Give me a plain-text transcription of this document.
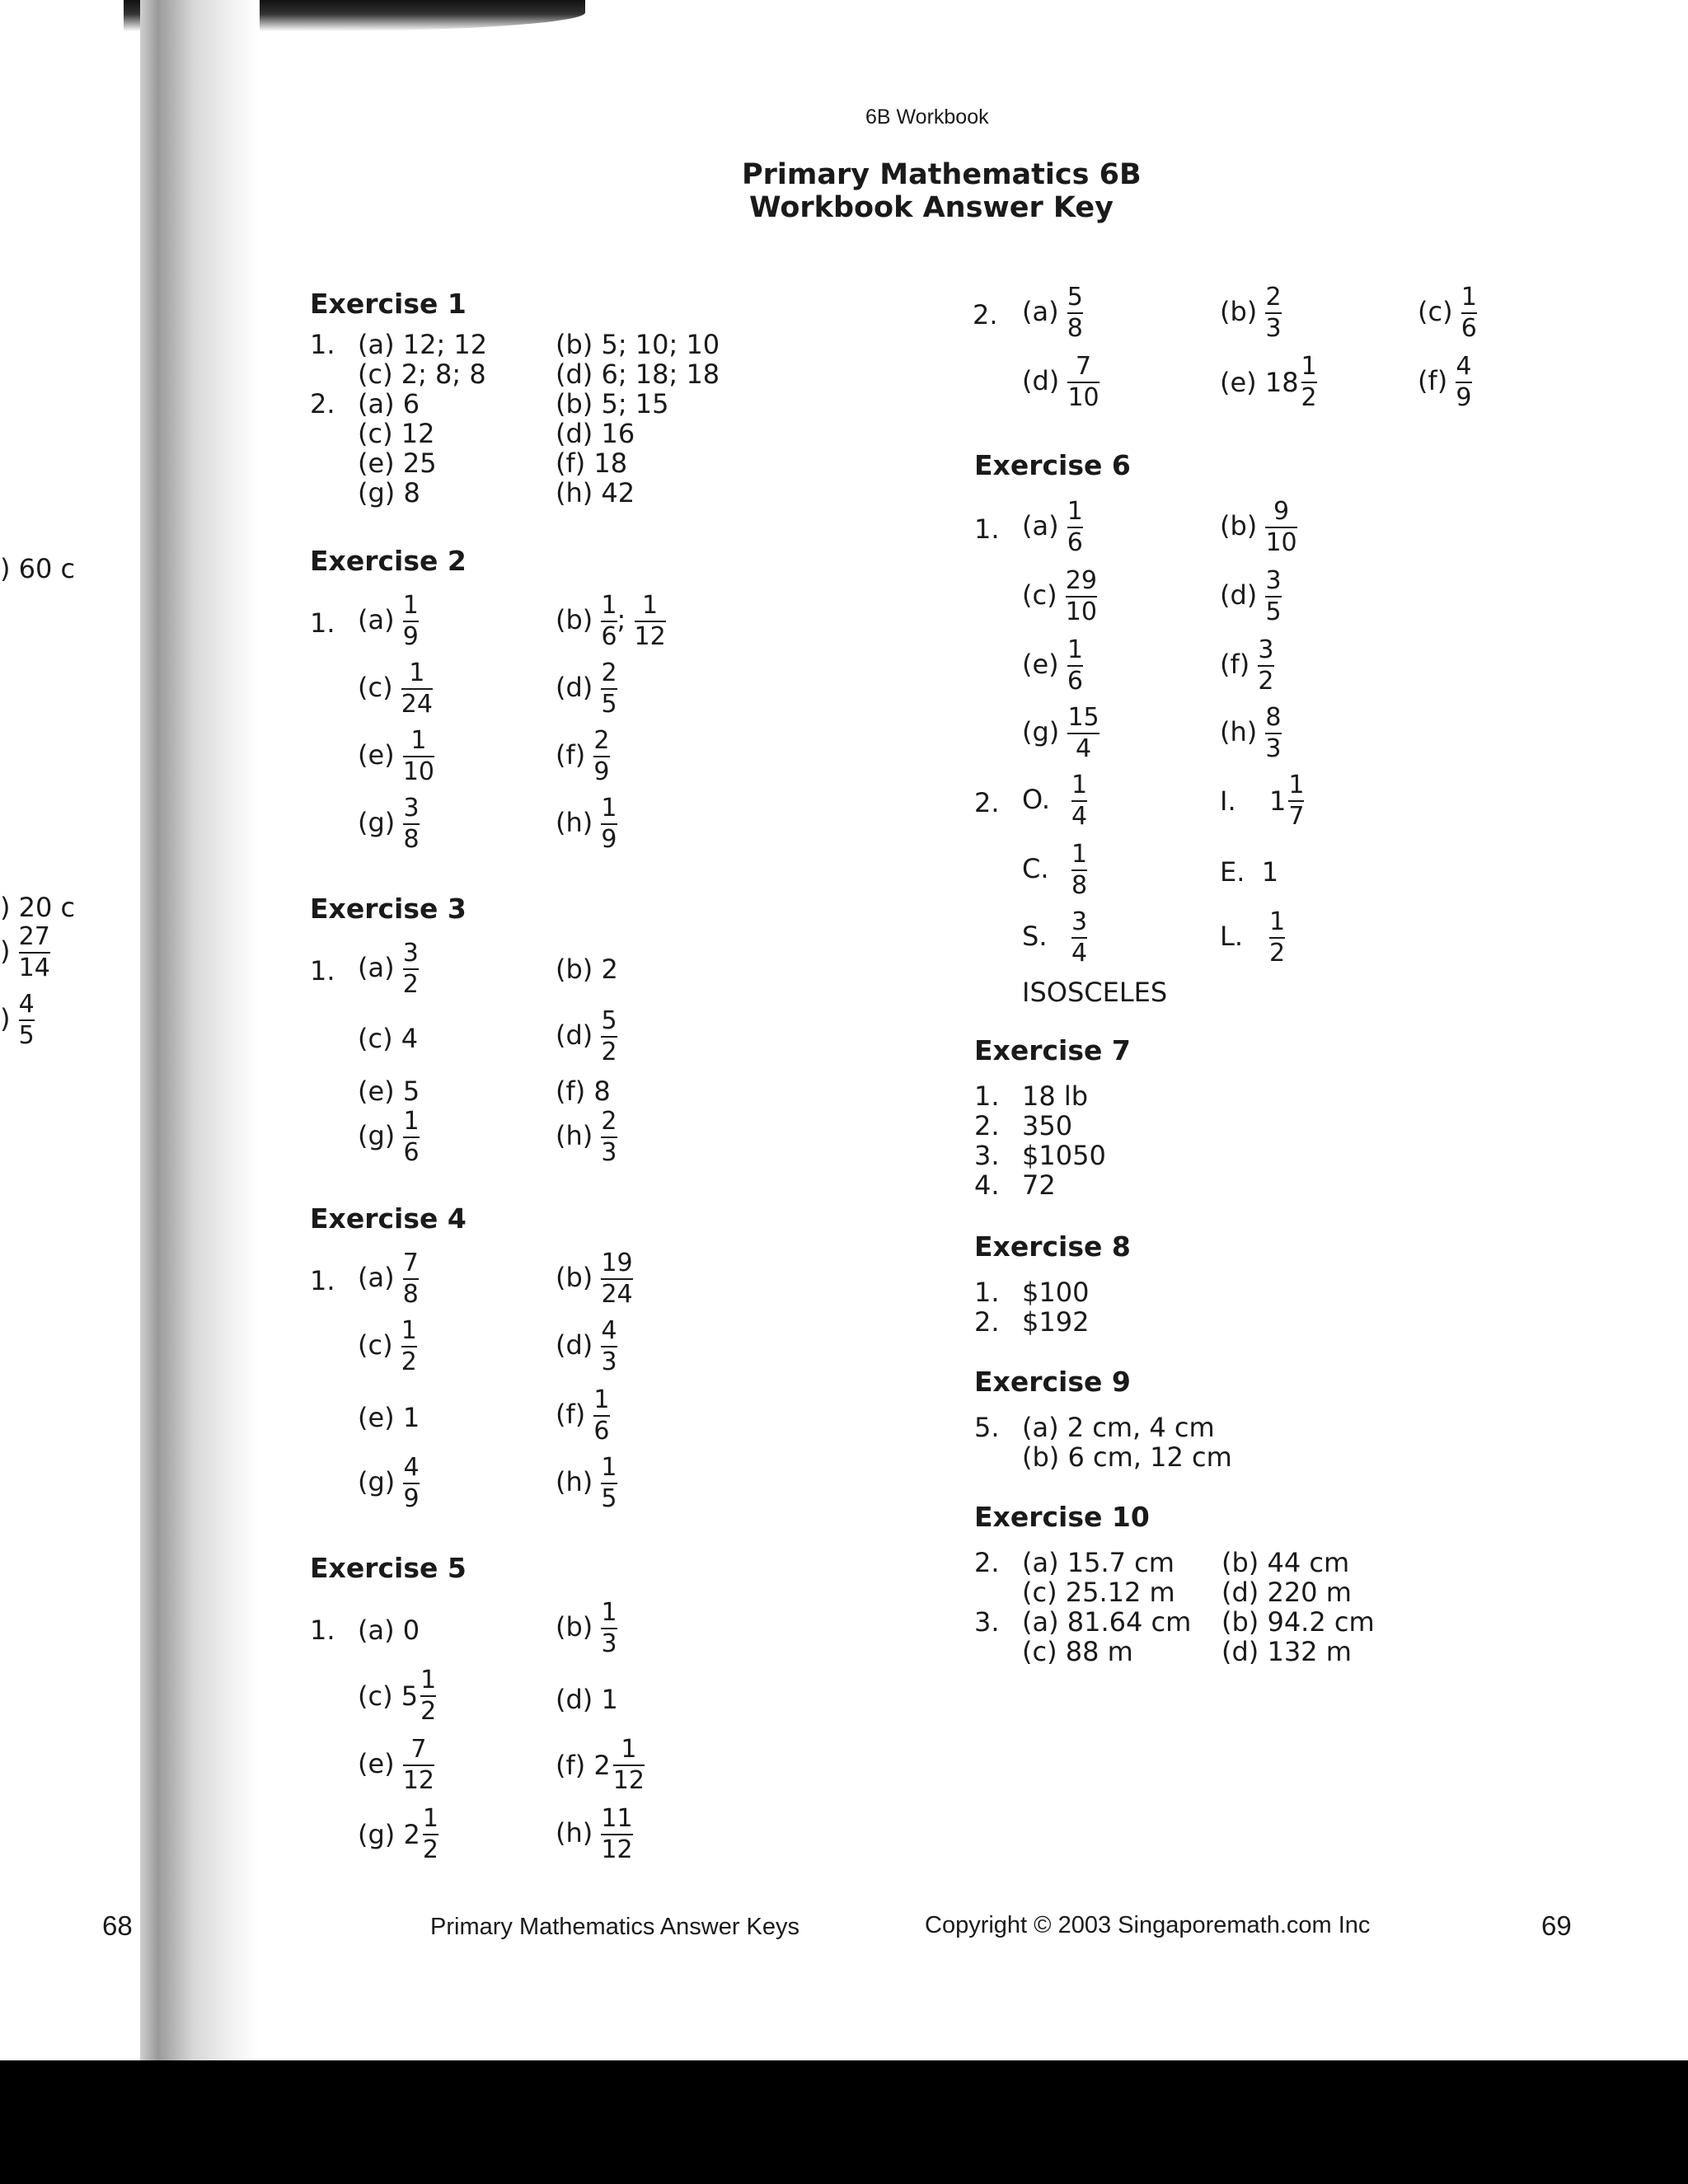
) 60 c
) 20 c
) $\frac{27}{14}$
) $\frac{4}{5}$
68
6B Workbook
Primary Mathematics 6B
Workbook Answer Key
Exercise 1
1. (a) 12; 12	(b) 5; 10; 10
(c) 2; 8; 8	(d) 6; 18; 18
2. (a) 6	(b) 5; 15
(c) 12	(d) 16
(e) 25	(f) 18
(g) 8	(h) 42
Exercise 2
1. $(a) \frac{1}{9}$	$(b) \frac{1}{6}$ ; $\frac{1}{12}$
$(c) \frac{1}{24}$	$(d) \frac{2}{5}$
$(e) \frac{1}{10}$	$(f) \frac{2}{9}$
$(g) \frac{3}{8}$	$(h) \frac{1}{9}$
Exercise 3
1. $(a) \frac{3}{2}$	(b) 2
(c) 4	$(d) \frac{5}{2}$
(e) 5	(f) 8
$(g) \frac{1}{6}$	$(h) \frac{2}{3}$
Exercise 4
1. $(a) \frac{7}{8}$	$(b) \frac{19}{24}$
$(c) \frac{1}{2}$	$(d) \frac{4}{3}$
(e) 1	$(f) \frac{1}{6}$
$(g) \frac{4}{9}$	$(h) \frac{1}{5}$
Exercise 5
1. (a) 0	$(b) \frac{1}{3}$
(c) $5 \frac{1}{2}$	(d) 1
$(e) \frac{7}{12}$	(f) $2 \frac{1}{12}$
(g) $2 \frac{1}{2}$	$(h) \frac{11}{12}$
2. $(a) \frac{5}{8}$	$(b) \frac{2}{3}$	$(c) \frac{1}{6}$
$(d) \frac{7}{10}$	(e) $18 \frac{1}{2}$	$(f) \frac{4}{9}$
Exercise 6
1. $(a) \frac{1}{6}$	$(b) \frac{9}{10}$
$(c) \frac{29}{10}$	$(d) \frac{3}{5}$
$(e) \frac{1}{6}$	$(f) \frac{3}{2}$
$(g) \frac{15}{4}$	$(h) \frac{8}{3}$
2. O. $\frac{1}{4}$	I. $1 \frac{1}{7}$
C. $\frac{1}{8}$	E.  1
S. $\frac{3}{4}$	L. $\frac{1}{2}$
ISOSCELES
Exercise 7
1. 18 lb
2. 350
3. $1050
4. 72
Exercise 8
1. $100
2. $192
Exercise 9
5. (a) 2 cm, 4 cm
(b) 6 cm, 12 cm
Exercise 10
2. (a) 15.7 cm	(b) 44 cm
(c) 25.12 m	(d) 220 m
3. (a) 81.64 cm	(b) 94.2 cm
(c) 88 m	(d) 132 m
Primary Mathematics Answer Keys	Copyright © 2003 Singaporemath.com Inc	69
